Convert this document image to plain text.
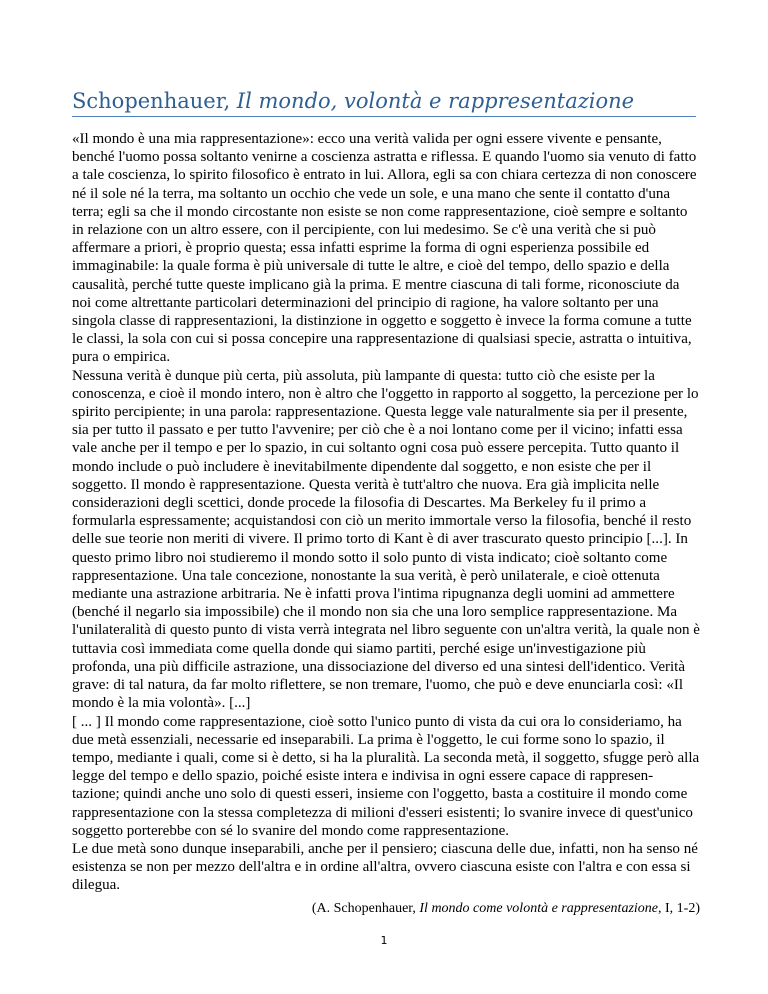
Schopenhauer, Il mondo, volontà e rappresentazione

«Il mondo è una mia rappresentazione»: ecco una verità valida per ogni essere vivente e pensante, benché l'uomo possa soltanto venirne a coscienza astratta e riflessa. E quando l'uomo sia venuto di fatto a tale coscienza, lo spirito filosofico è entrato in lui. Allora, egli sa con chiara certezza di non conoscere né il sole né la terra, ma soltanto un occhio che vede un sole, e una mano che sente il contatto d'una terra; egli sa che il mondo circostante non esiste se non come rappresentazione, cioè sempre e soltanto in relazione con un altro essere, con il percipiente, con lui medesimo. Se c'è una verità che si può affermare a priori, è proprio questa; essa infatti esprime la forma di ogni esperienza possibile ed immaginabile: la quale forma è più universale di tutte le altre, e cioè del tempo, dello spazio e della causalità, perché tutte queste implicano già la prima. E mentre ciascuna di tali forme, riconosciute da noi come altrettante particolari determinazioni del principio di ragione, ha valore soltanto per una singola classe di rappresentazioni, la distinzione in oggetto e soggetto è invece la forma comune a tutte le classi, la sola con cui si possa concepire una rappresentazione di qualsiasi specie, astratta o intuitiva, pura o empirica.

Nessuna verità è dunque più certa, più assoluta, più lampante di questa: tutto ciò che esiste per la conoscenza, e cioè il mondo intero, non è altro che l'oggetto in rapporto al soggetto, la percezione per lo spirito percipiente; in una parola: rappresentazione. Questa legge vale naturalmente sia per il presente, sia per tutto il passato e per tutto l'avvenire; per ciò che è a noi lontano come per il vicino; infatti essa vale anche per il tempo e per lo spazio, in cui soltanto ogni cosa può essere percepita. Tutto quanto il mondo include o può includere è inevitabilmente dipendente dal soggetto, e non esiste che per il soggetto. Il mondo è rappresentazione. Questa verità è tutt'altro che nuova. Era già implicita nelle considerazioni degli scettici, donde procede la filosofia di Descartes. Ma Berkeley fu il primo a formularla espressamente; acquistandosi con ciò un merito immortale verso la filosofia, benché il resto delle sue teorie non meriti di vivere. Il primo torto di Kant è di aver trascurato questo principio [...]. In questo primo libro noi studieremo il mondo sotto il solo punto di vista indicato; cioè soltanto come rappresentazione. Una tale concezione, nonostante la sua verità, è però unilaterale, e cioè ottenuta mediante una astrazione arbitraria. Ne è infatti prova l'intima ripugnanza degli uomini ad ammettere (benché il negarlo sia impossibile) che il mondo non sia che una loro semplice rappresentazione. Ma l'unilateralità di questo punto di vista verrà integrata nel libro seguente con un'altra verità, la quale non è tuttavia così immediata come quella donde qui siamo partiti, perché esige un'investigazione più profonda, una più difficile astrazione, una dissociazione del diverso ed una sintesi dell'identico. Verità grave: di tal natura, da far molto riflettere, se non tremare, l'uomo, che può e deve enunciarla così: «Il mondo è la mia volontà». [...]

[ ... ] Il mondo come rappresentazione, cioè sotto l'unico punto di vista da cui ora lo consideriamo, ha due metà essenziali, necessarie ed inseparabili. La prima è l'oggetto, le cui forme sono lo spazio, il tempo, mediante i quali, come si è detto, si ha la pluralità. La seconda metà, il soggetto, sfugge però alla legge del tempo e dello spazio, poiché esiste intera e indivisa in ogni essere capace di rappresen-tazione; quindi anche uno solo di questi esseri, insieme con l'oggetto, basta a costituire il mondo come rappresentazione con la stessa completezza di milioni d'esseri esistenti; lo svanire invece di quest'unico soggetto porterebbe con sé lo svanire del mondo come rappresentazione.

Le due metà sono dunque inseparabili, anche per il pensiero; ciascuna delle due, infatti, non ha senso né esistenza se non per mezzo dell'altra e in ordine all'altra, ovvero ciascuna esiste con l'altra e con essa si dilegua.

(A. Schopenhauer, Il mondo come volontà e rappresentazione, I, 1-2)
1
